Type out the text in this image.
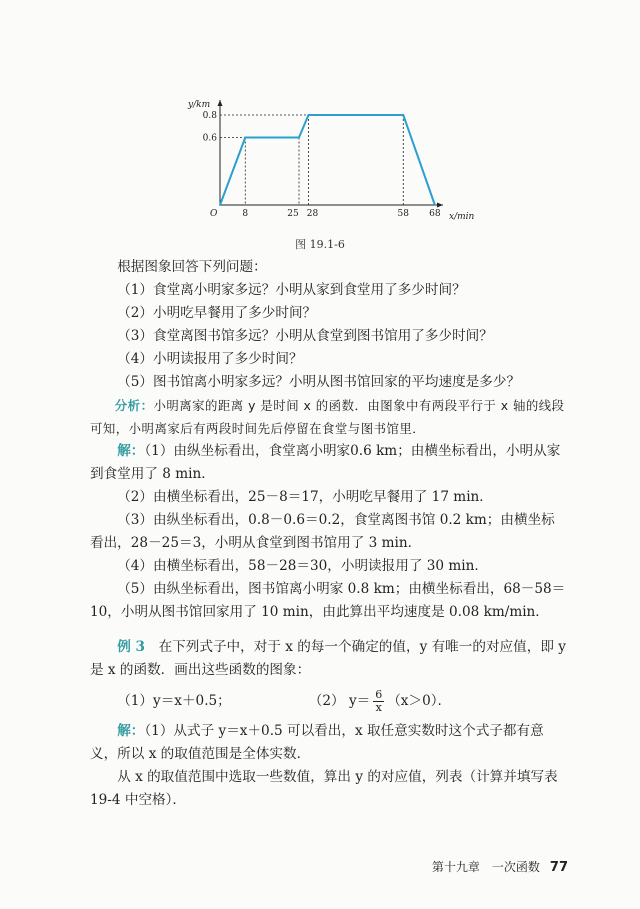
y/km
x/min
O	8	25 28	58 68
0.6
0.8
图 19.1-6

根据图象回答下列问题：

（1）食堂离小明家多远？小明从家到食堂用了多少时间？

（2）小明吃早餐用了多少时间？

（3）食堂离图书馆多远？小明从食堂到图书馆用了多少时间？

（4）小明读报用了多少时间？

（5）图书馆离小明家多远？小明从图书馆回家的平均速度是多少？

分析：小明离家的距离 y 是时间 x 的函数．由图象中有两段平行于 x 轴的线段可知，小明离家后有两段时间先后停留在食堂与图书馆里．

解：（1）由纵坐标看出，食堂离小明家0.6 km；由横坐标看出，小明从家到食堂用了 8 min．

（2）由横坐标看出，25－8＝17，小明吃早餐用了 17 min．

（3）由纵坐标看出，0.8－0.6＝0.2，食堂离图书馆 0.2 km；由横坐标看出，28－25＝3，小明从食堂到图书馆用了 3 min．

（4）由横坐标看出，58－28＝30，小明读报用了 30 min．

（5）由纵坐标看出，图书馆离小明家 0.8 km；由横坐标看出，68－58＝10，小明从图书馆回家用了 10 min，由此算出平均速度是 0.08 km/min．

例 3　 在下列式子中，对于 x 的每一个确定的值，y 有唯一的对应值，即 y 是 x 的函数．画出这些函数的图象：

（1）y＝x＋0.5；	（2） $y= \frac{6}{x} (x>0)$．

解：（1）从式子 y＝x＋0.5 可以看出，x 取任意实数时这个式子都有意义，所以 x 的取值范围是全体实数．

从 x 的取值范围中选取一些数值，算出 y 的对应值，列表（计算并填写表 19-4 中空格）．

第十九章　一次函数 77
